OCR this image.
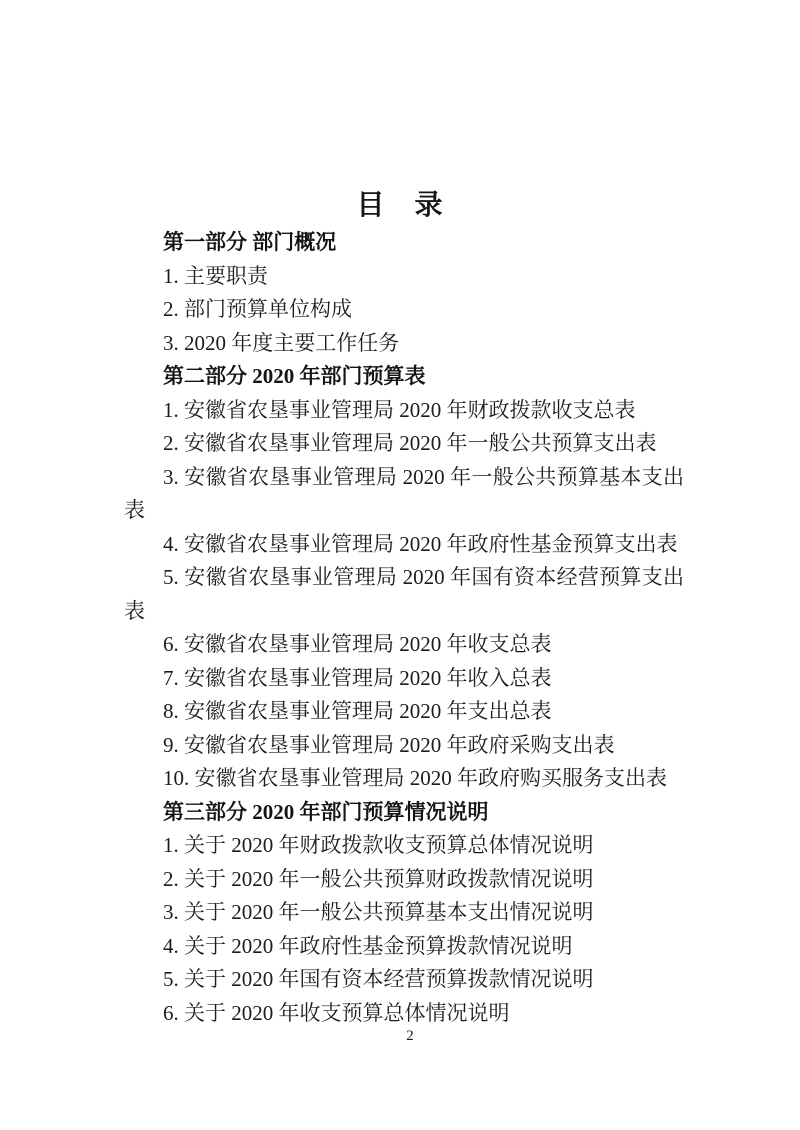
目　录

第一部分 部门概况

1. 主要职责

2. 部门预算单位构成

3. 2020 年度主要工作任务

第二部分 2020 年部门预算表

1. 安徽省农垦事业管理局 2020 年财政拨款收支总表

2. 安徽省农垦事业管理局 2020 年一般公共预算支出表

3. 安徽省农垦事业管理局 2020 年一般公共预算基本支出表

4. 安徽省农垦事业管理局 2020 年政府性基金预算支出表

5. 安徽省农垦事业管理局 2020 年国有资本经营预算支出表

6. 安徽省农垦事业管理局 2020 年收支总表

7. 安徽省农垦事业管理局 2020 年收入总表

8. 安徽省农垦事业管理局 2020 年支出总表

9. 安徽省农垦事业管理局 2020 年政府采购支出表

10. 安徽省农垦事业管理局 2020 年政府购买服务支出表

第三部分 2020 年部门预算情况说明

1. 关于 2020 年财政拨款收支预算总体情况说明

2. 关于 2020 年一般公共预算财政拨款情况说明

3. 关于 2020 年一般公共预算基本支出情况说明

4. 关于 2020 年政府性基金预算拨款情况说明

5. 关于 2020 年国有资本经营预算拨款情况说明

6. 关于 2020 年收支预算总体情况说明

2
